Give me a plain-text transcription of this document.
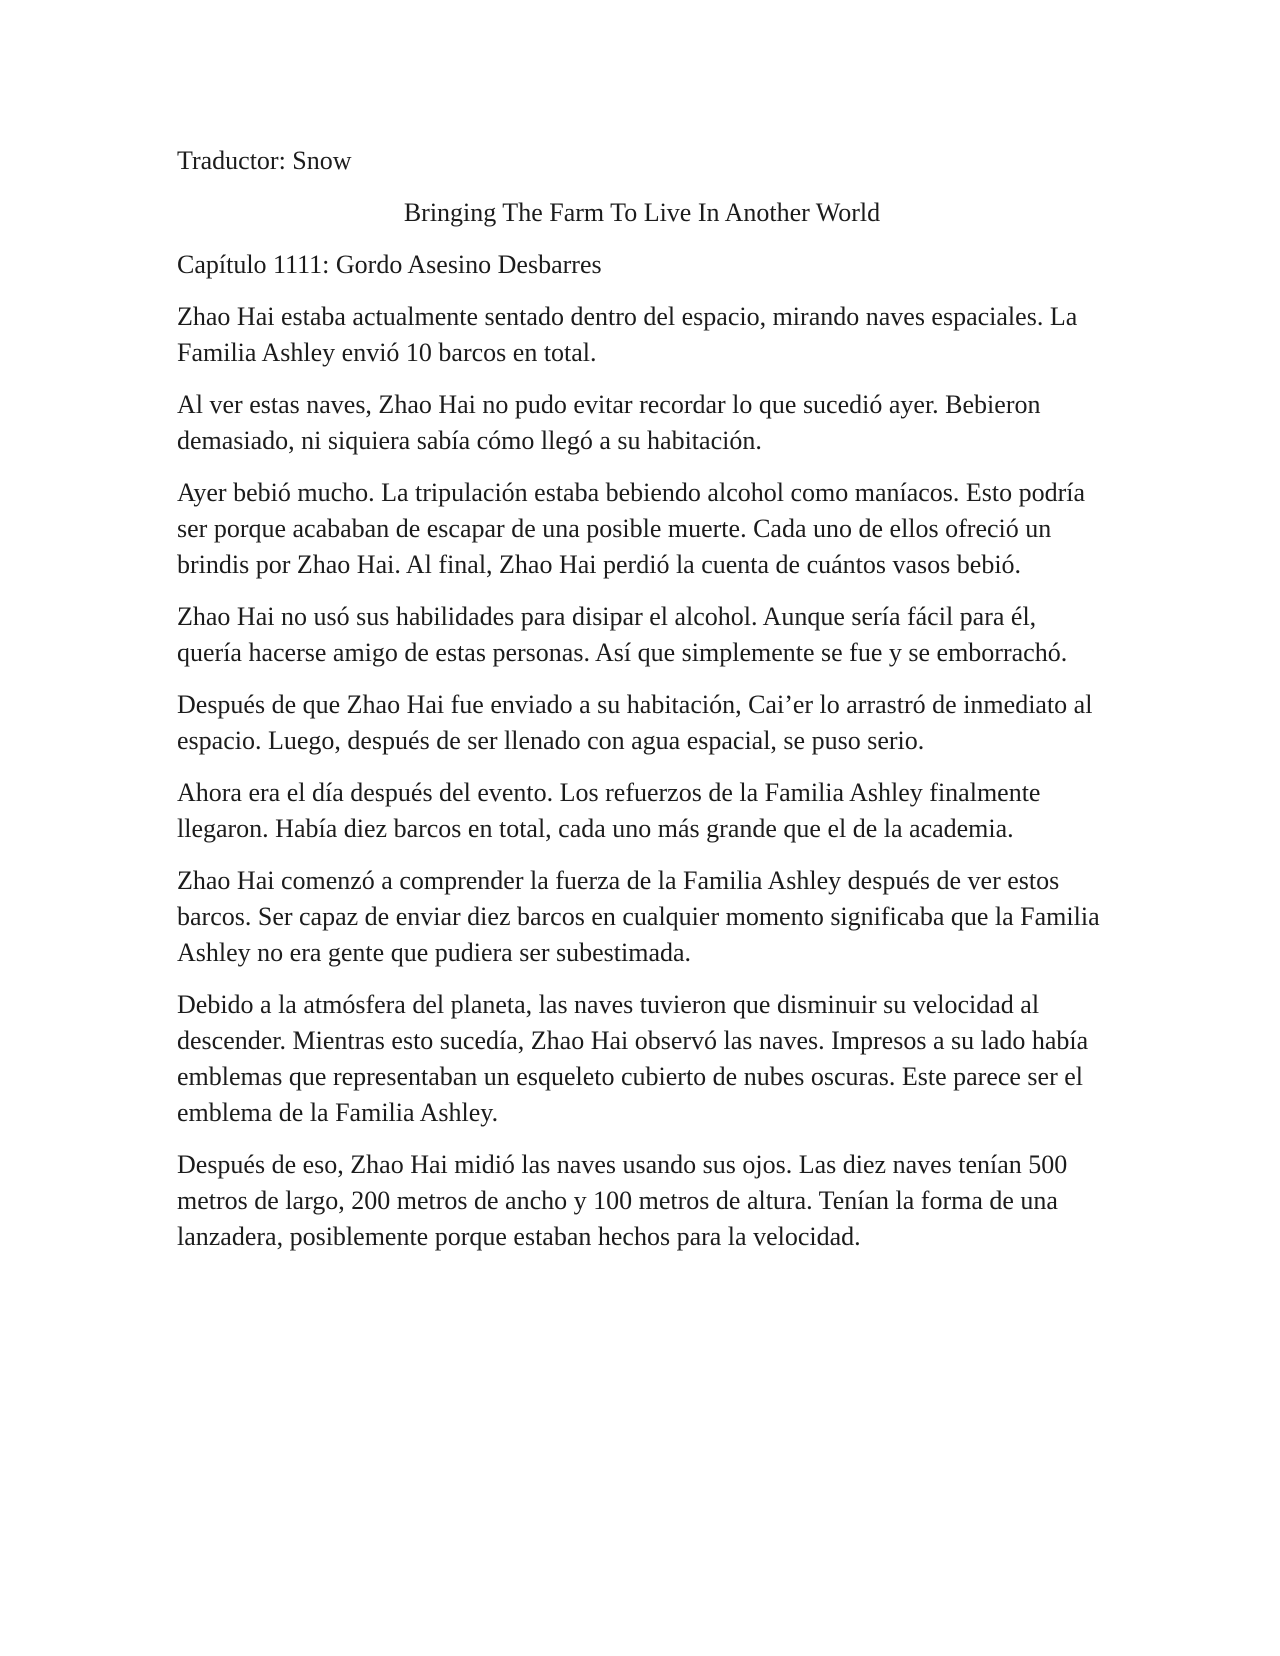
Traductor: Snow

Bringing The Farm To Live In Another World

Capítulo 1111: Gordo Asesino Desbarres

Zhao Hai estaba actualmente sentado dentro del espacio, mirando naves espaciales. La Familia Ashley envió 10 barcos en total.

Al ver estas naves, Zhao Hai no pudo evitar recordar lo que sucedió ayer. Bebieron demasiado, ni siquiera sabía cómo llegó a su habitación.

Ayer bebió mucho. La tripulación estaba bebiendo alcohol como maníacos. Esto podría ser porque acababan de escapar de una posible muerte. Cada uno de ellos ofreció un brindis por Zhao Hai. Al final, Zhao Hai perdió la cuenta de cuántos vasos bebió.

Zhao Hai no usó sus habilidades para disipar el alcohol. Aunque sería fácil para él, quería hacerse amigo de estas personas. Así que simplemente se fue y se emborrachó.

Después de que Zhao Hai fue enviado a su habitación, Cai’er lo arrastró de inmediato al espacio. Luego, después de ser llenado con agua espacial, se puso serio.

Ahora era el día después del evento. Los refuerzos de la Familia Ashley finalmente llegaron. Había diez barcos en total, cada uno más grande que el de la academia.

Zhao Hai comenzó a comprender la fuerza de la Familia Ashley después de ver estos barcos. Ser capaz de enviar diez barcos en cualquier momento significaba que la Familia Ashley no era gente que pudiera ser subestimada.

Debido a la atmósfera del planeta, las naves tuvieron que disminuir su velocidad al descender. Mientras esto sucedía, Zhao Hai observó las naves. Impresos a su lado había emblemas que representaban un esqueleto cubierto de nubes oscuras. Este parece ser el emblema de la Familia Ashley.

Después de eso, Zhao Hai midió las naves usando sus ojos. Las diez naves tenían 500 metros de largo, 200 metros de ancho y 100 metros de altura. Tenían la forma de una lanzadera, posiblemente porque estaban hechos para la velocidad.
